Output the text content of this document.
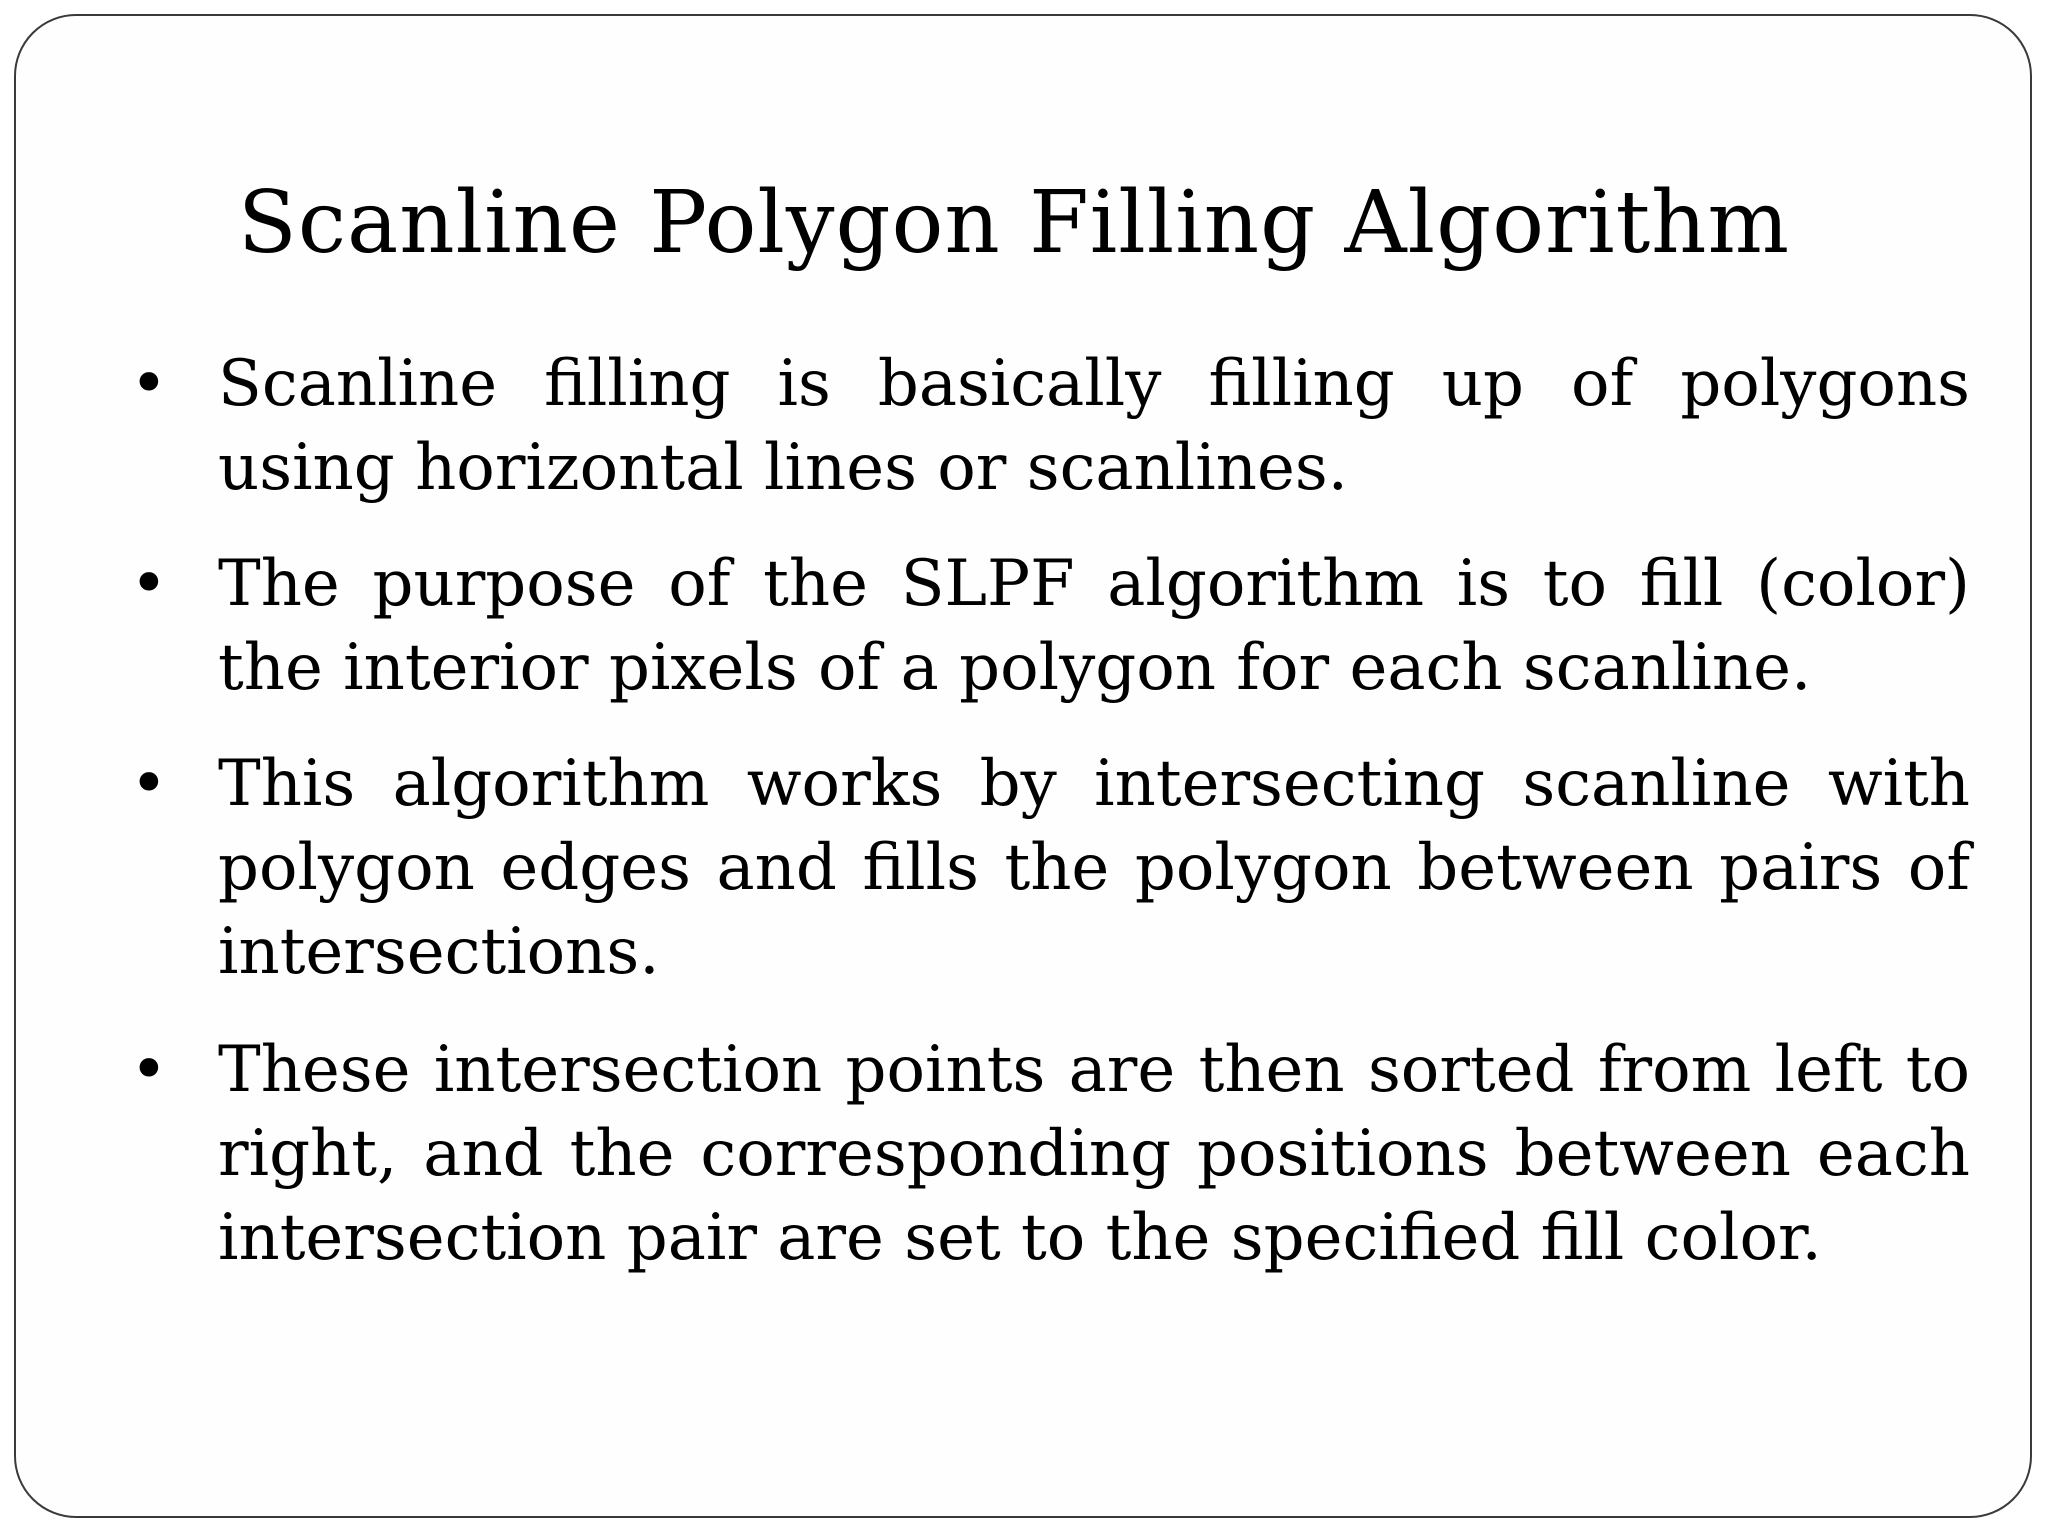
Scanline Polygon Filling Algorithm
• Scanline filling is basically filling up of polygons using horizontal lines or scanlines.
• The purpose of the SLPF algorithm is to fill (color) the interior pixels of a polygon for each scanline.
• This algorithm works by intersecting scanline with polygon edges and fills the polygon between pairs of intersections.
• These intersection points are then sorted from left to right, and the corresponding positions between each intersection pair are set to the specified fill color.
